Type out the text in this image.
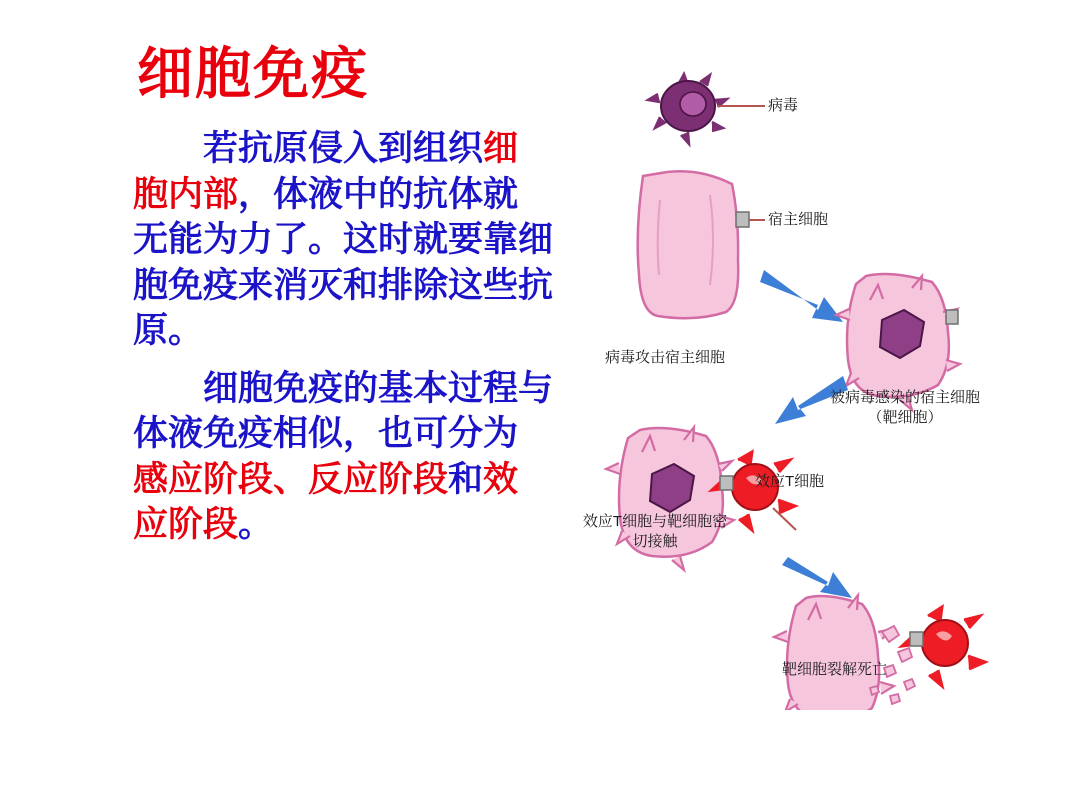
细胞免疫

若抗原侵入到组织细胞内部，体液中的抗体就无能为力了。这时就要靠细胞免疫来消灭和排除这些抗原。

细胞免疫的基本过程与体液免疫相似，也可分为感应阶段、反应阶段和效应阶段。

病毒
宿主细胞
病毒攻击宿主细胞
被病毒感染的宿主细胞（靶细胞）
效应T细胞
效应T细胞与靶细胞密切接触
靶细胞裂解死亡
